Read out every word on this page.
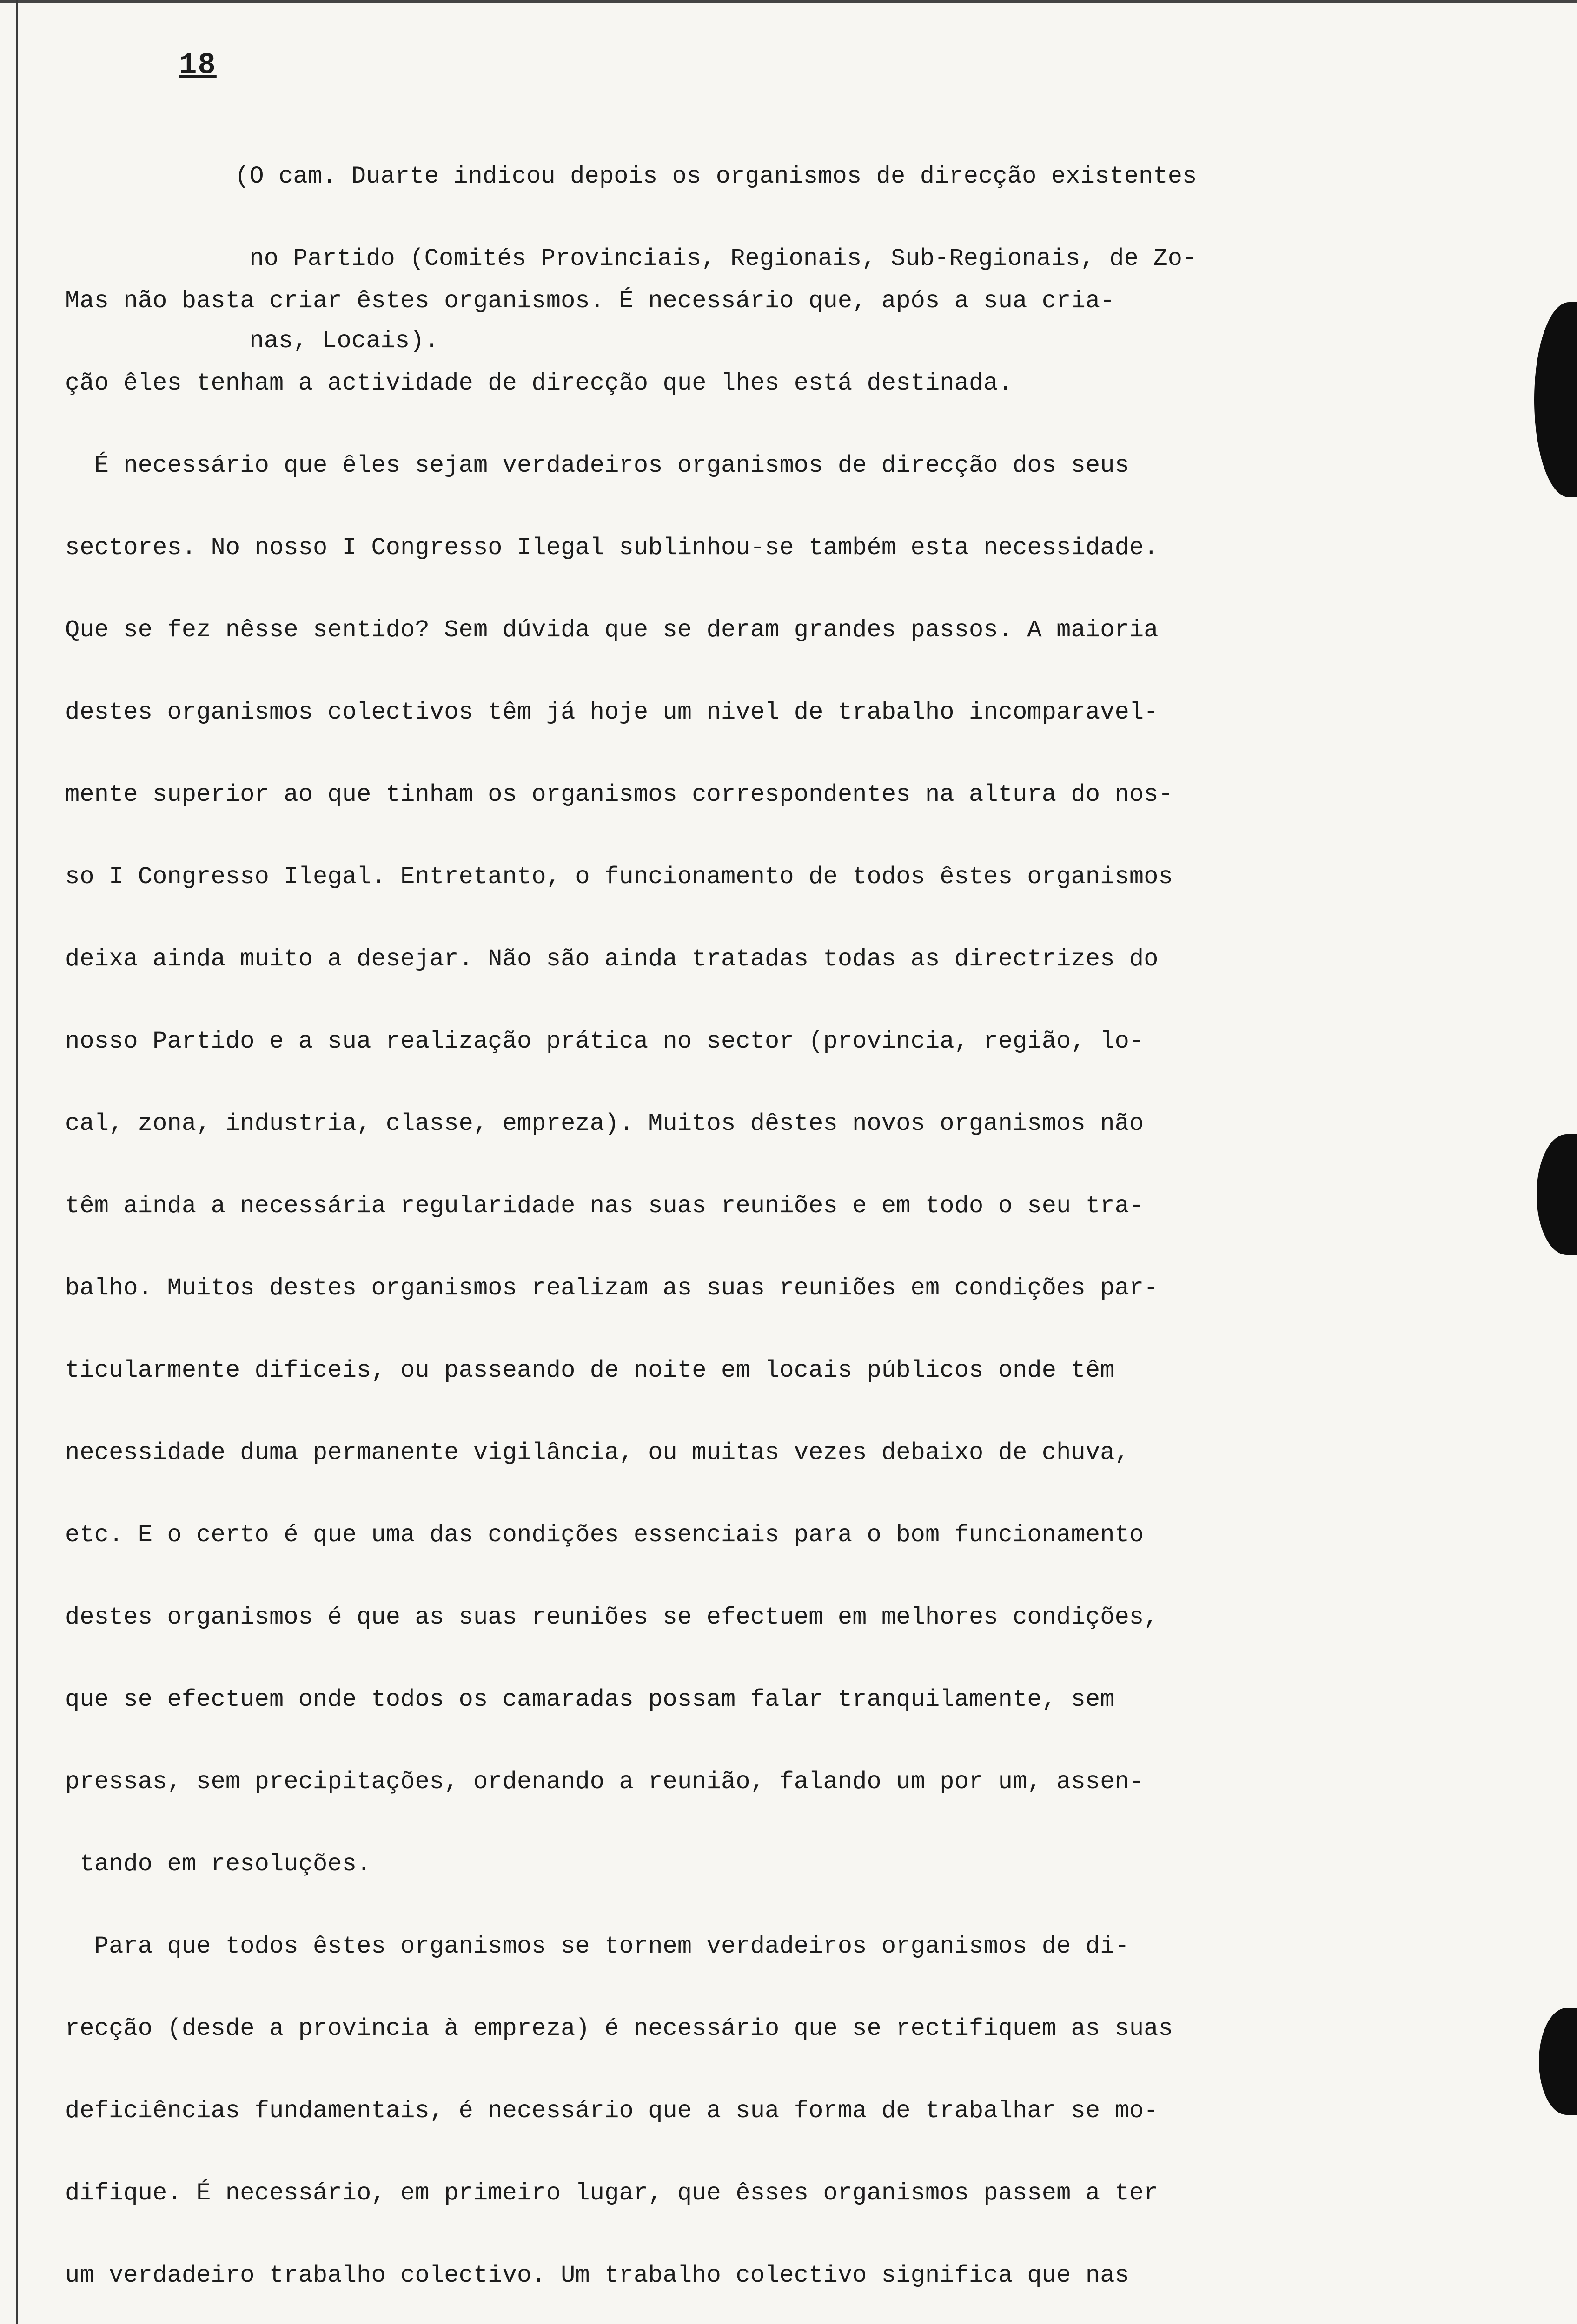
18

(O cam. Duarte indicou depois os organismos de direcção existentes

no Partido (Comités Provinciais, Regionais, Sub-Regionais, de Zo-

nas, Locais).

Mas não basta criar êstes organismos. É necessário que, após a sua cria-

ção êles tenham a actividade de direcção que lhes está destinada.

É necessário que êles sejam verdadeiros organismos de direcção dos seus

sectores. No nosso I Congresso Ilegal sublinhou-se também esta necessidade.

Que se fez nêsse sentido? Sem dúvida que se deram grandes passos. A maioria

destes organismos colectivos têm já hoje um nivel de trabalho incomparavel-

mente superior ao que tinham os organismos correspondentes na altura do nos-

so I Congresso Ilegal. Entretanto, o funcionamento de todos êstes organismos

deixa ainda muito a desejar. Não são ainda tratadas todas as directrizes do

nosso Partido e a sua realização prática no sector (provincia, região, lo-

cal, zona, industria, classe, empreza). Muitos dêstes novos organismos não

têm ainda a necessária regularidade nas suas reuniões e em todo o seu tra-

balho. Muitos destes organismos realizam as suas reuniões em condições par-

ticularmente dificeis, ou passeando de noite em locais públicos onde têm

necessidade duma permanente vigilância, ou muitas vezes debaixo de chuva,

etc. E o certo é que uma das condições essenciais para o bom funcionamento

destes organismos é que as suas reuniões se efectuem em melhores condições,

que se efectuem onde todos os camaradas possam falar tranquilamente, sem

pressas, sem precipitações, ordenando a reunião, falando um por um, assen-

tando em resoluções.

Para que todos êstes organismos se tornem verdadeiros organismos de di-

recção (desde a provincia à empreza) é necessário que se rectifiquem as suas

deficiências fundamentais, é necessário que a sua forma de trabalhar se mo-

difique. É necessário, em primeiro lugar, que êsses organismos passem a ter

um verdadeiro trabalho colectivo. Um trabalho colectivo significa que nas
